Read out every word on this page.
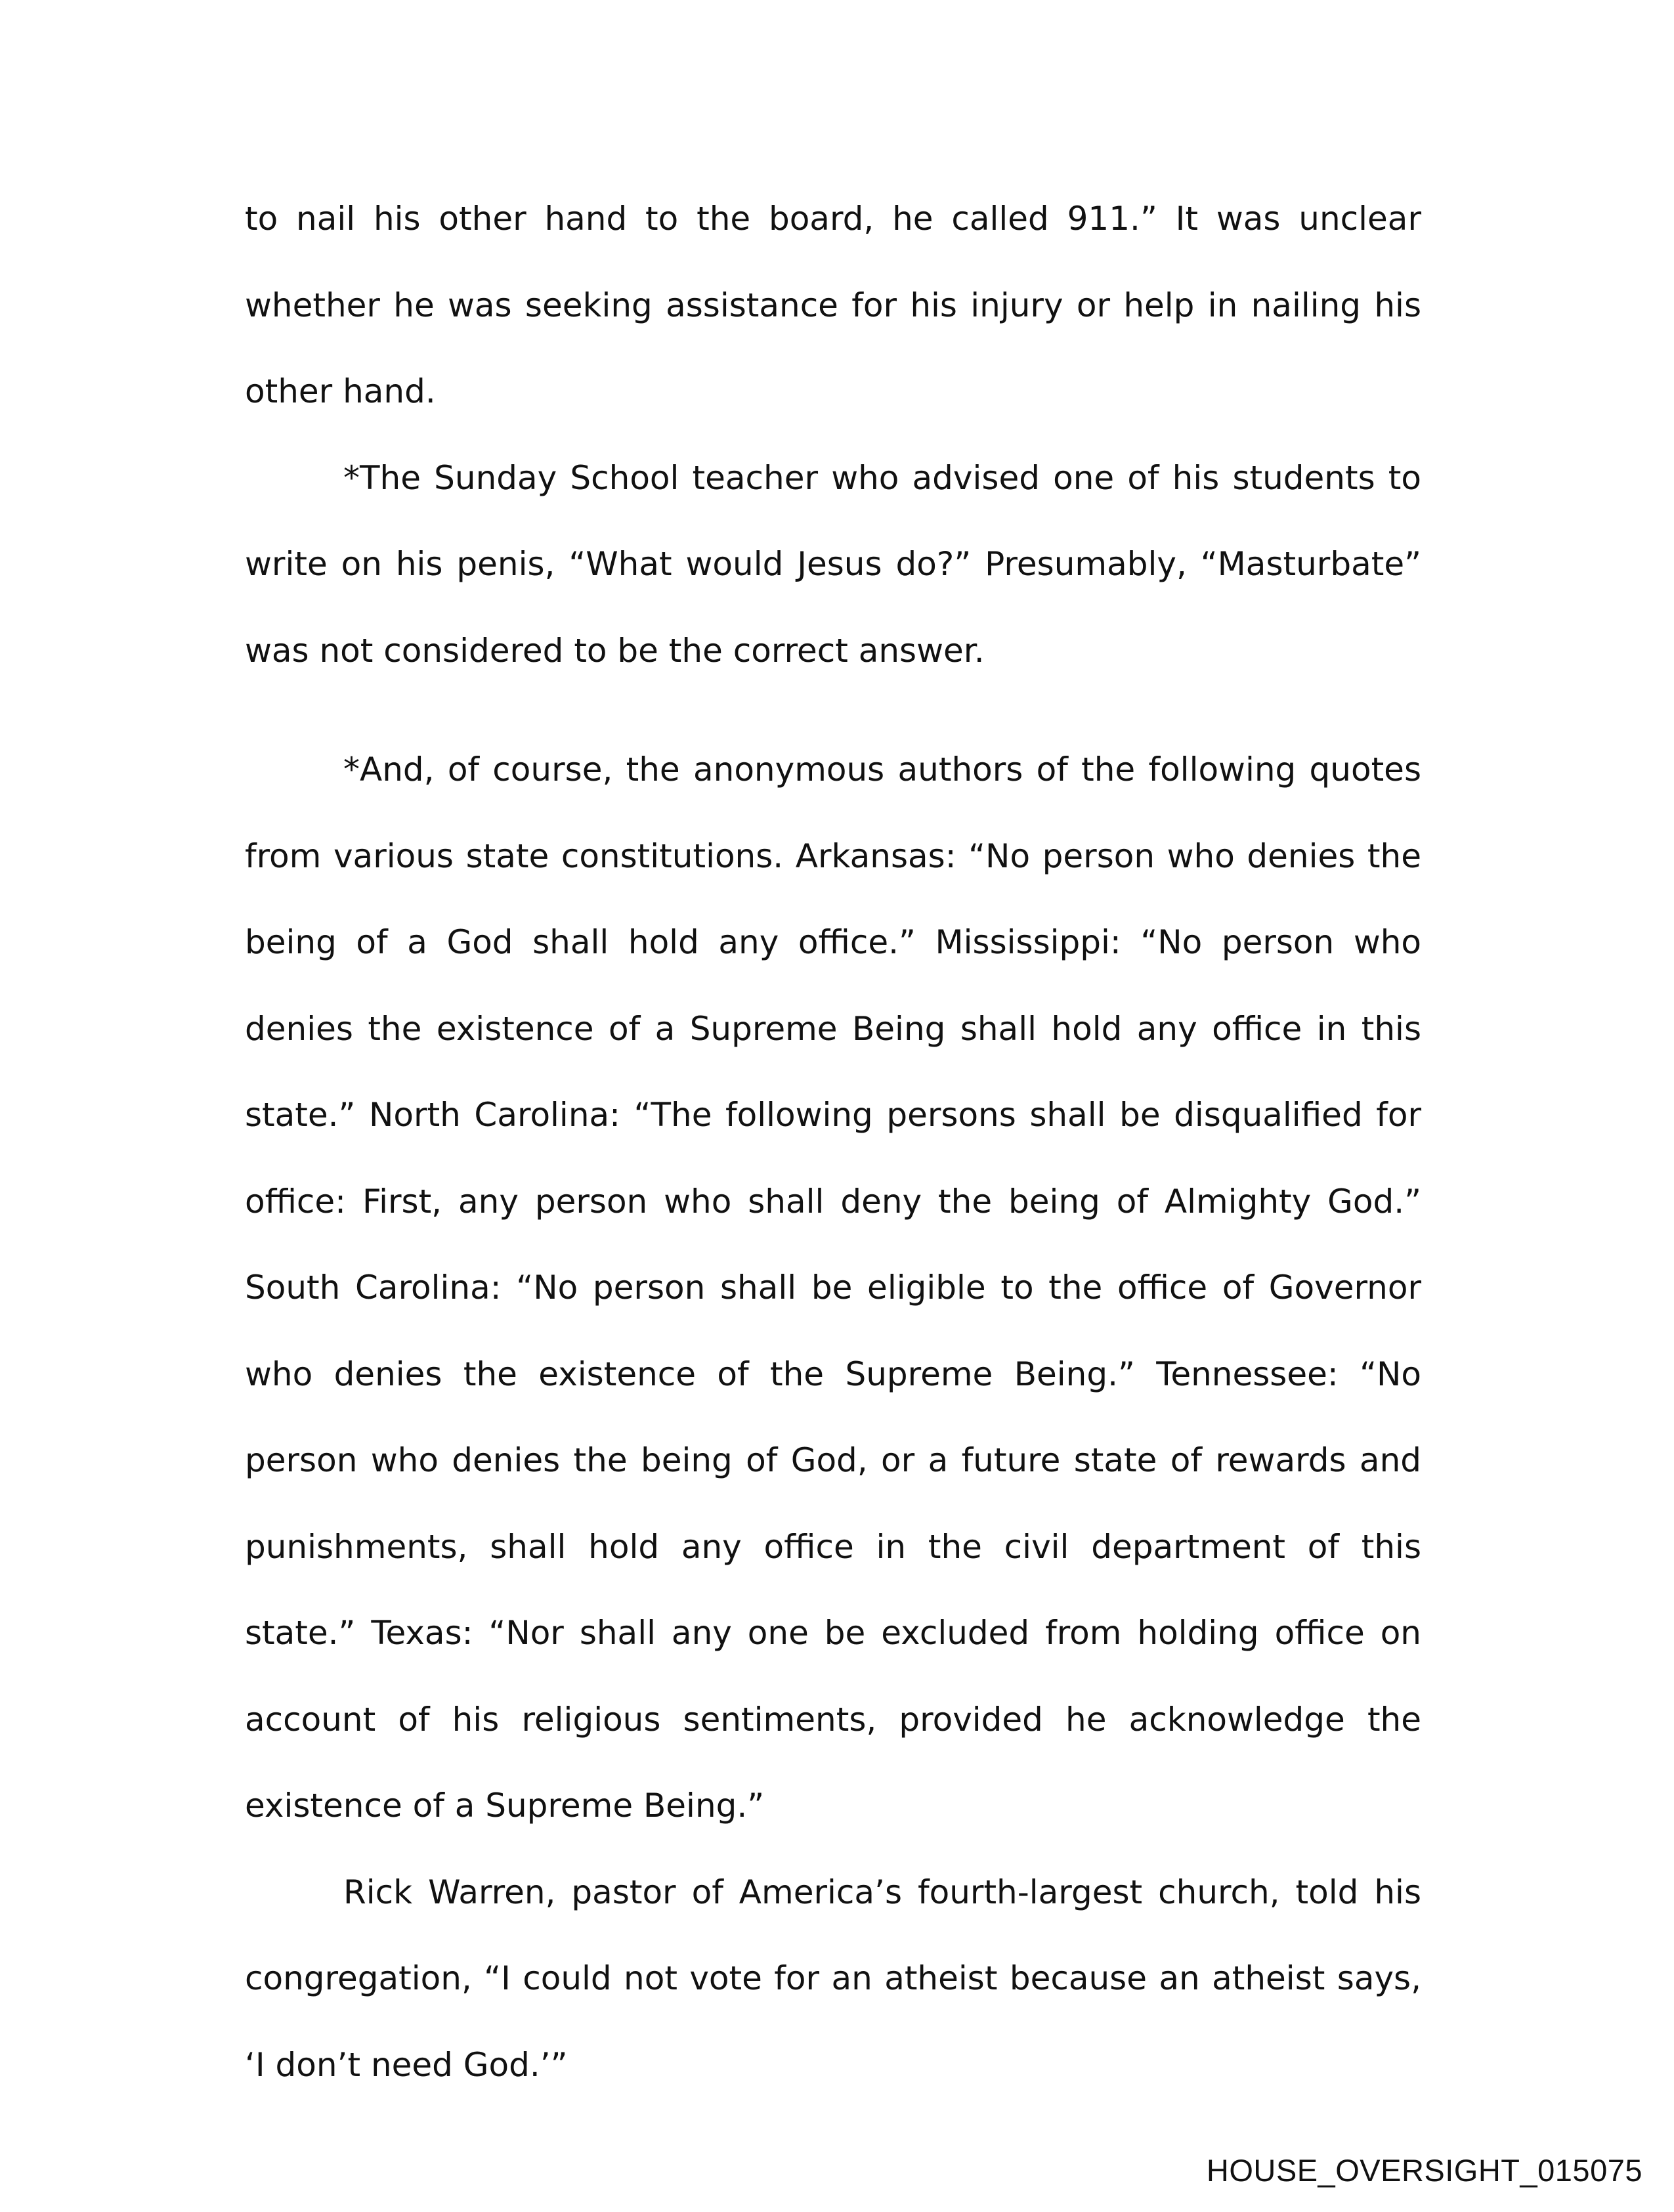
to nail his other hand to the board, he called 911.” It was unclear whether he was seeking assistance for his injury or help in nailing his other hand.

*The Sunday School teacher who advised one of his students to write on his penis, “What would Jesus do?” Presumably, “Masturbate” was not considered to be the correct answer.

*And, of course, the anonymous authors of the following quotes from various state constitutions. Arkansas: “No person who denies the being of a God shall hold any office.” Mississippi: “No person who denies the existence of a Supreme Being shall hold any office in this state.” North Carolina: “The following persons shall be disqualified for office: First, any person who shall deny the being of Almighty God.” South Carolina: “No person shall be eligible to the office of Governor who denies the existence of the Supreme Being.” Tennessee: “No person who denies the being of God, or a future state of rewards and punishments, shall hold any office in the civil department of this state.” Texas: “Nor shall any one be excluded from holding office on account of his religious sentiments, provided he acknowledge the existence of a Supreme Being.”

Rick Warren, pastor of America’s fourth-largest church, told his congregation, “I could not vote for an atheist because an atheist says, ‘I don’t need God.’”

HOUSE_OVERSIGHT_015075
